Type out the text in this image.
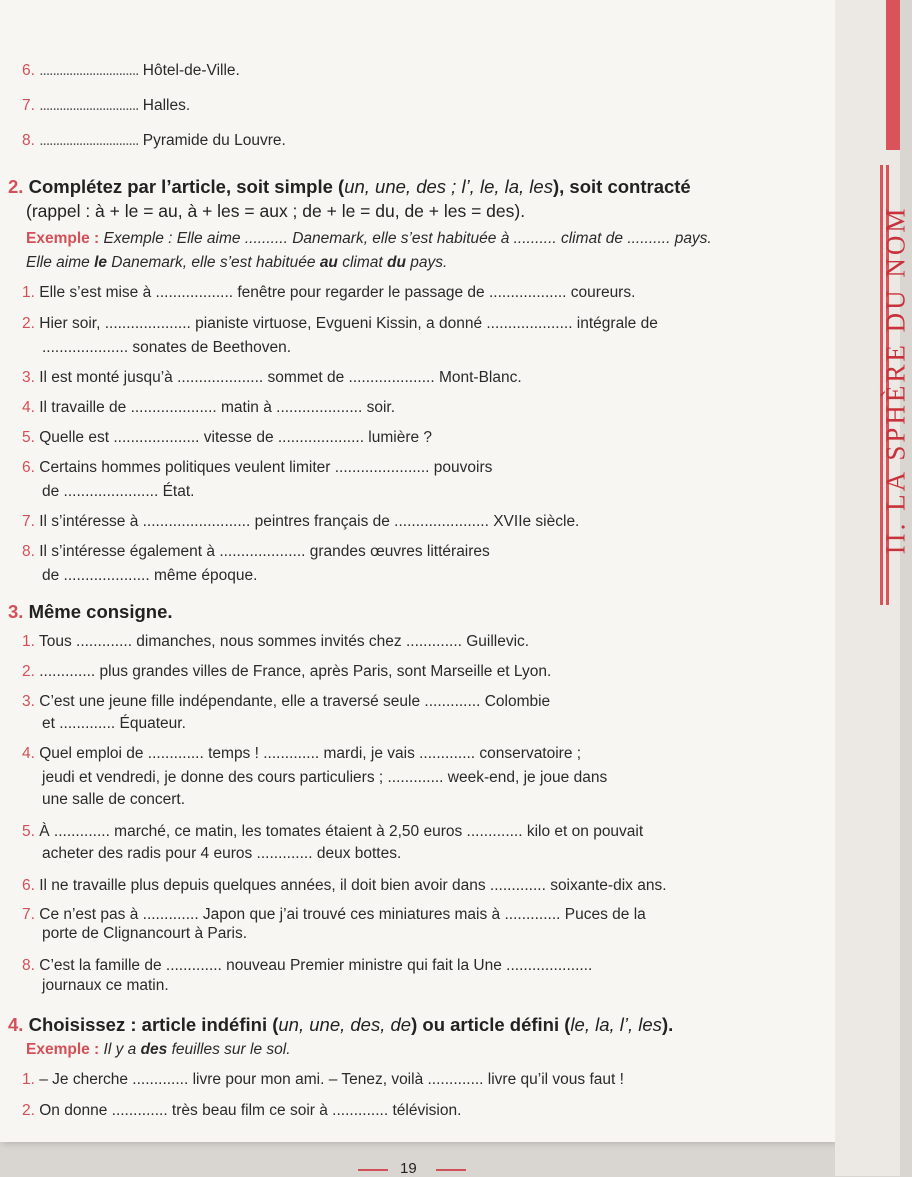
II. LA SPHÈRE DU NOM
6. .............................. Hôtel-de-Ville.
7. .............................. Halles.
8. .............................. Pyramide du Louvre.
2. Complétez par l’article, soit simple (un, une, des ; l’, le, la, les), soit contracté
(rappel : à + le = au, à + les = aux ; de + le = du, de + les = des).
Exemple : Exemple : Elle aime .......... Danemark, elle s’est habituée à .......... climat de .......... pays.
Elle aime le Danemark, elle s’est habituée au climat du pays.
1. Elle s’est mise à .................. fenêtre pour regarder le passage de .................. coureurs.
2. Hier soir, .................... pianiste virtuose, Evgueni Kissin, a donné .................... intégrale de
.................... sonates de Beethoven.
3. Il est monté jusqu’à .................... sommet de .................... Mont-Blanc.
4. Il travaille de .................... matin à .................... soir.
5. Quelle est .................... vitesse de .................... lumière ?
6. Certains hommes politiques veulent limiter ...................... pouvoirs
de ...................... État.
7. Il s’intéresse à ......................... peintres français de ...................... XVIIe siècle.
8. Il s’intéresse également à .................... grandes œuvres littéraires
de .................... même époque.
3. Même consigne.
1. Tous ............. dimanches, nous sommes invités chez ............. Guillevic.
2. ............. plus grandes villes de France, après Paris, sont Marseille et Lyon.
3. C’est une jeune fille indépendante, elle a traversé seule ............. Colombie
et ............. Équateur.
4. Quel emploi de ............. temps ! ............. mardi, je vais ............. conservatoire ;
jeudi et vendredi, je donne des cours particuliers ; ............. week-end, je joue dans
une salle de concert.
5. À ............. marché, ce matin, les tomates étaient à 2,50 euros ............. kilo et on pouvait
acheter des radis pour 4 euros ............. deux bottes.
6. Il ne travaille plus depuis quelques années, il doit bien avoir dans ............. soixante-dix ans.
7. Ce n’est pas à ............. Japon que j’ai trouvé ces miniatures mais à ............. Puces de la
porte de Clignancourt à Paris.
8. C’est la famille de ............. nouveau Premier ministre qui fait la Une ....................
journaux ce matin.
4. Choisissez : article indéfini (un, une, des, de) ou article défini (le, la, l’, les).
Exemple : Il y a des feuilles sur le sol.
1. – Je cherche ............. livre pour mon ami. – Tenez, voilà ............. livre qu’il vous faut !
2. On donne ............. très beau film ce soir à ............. télévision.
19
